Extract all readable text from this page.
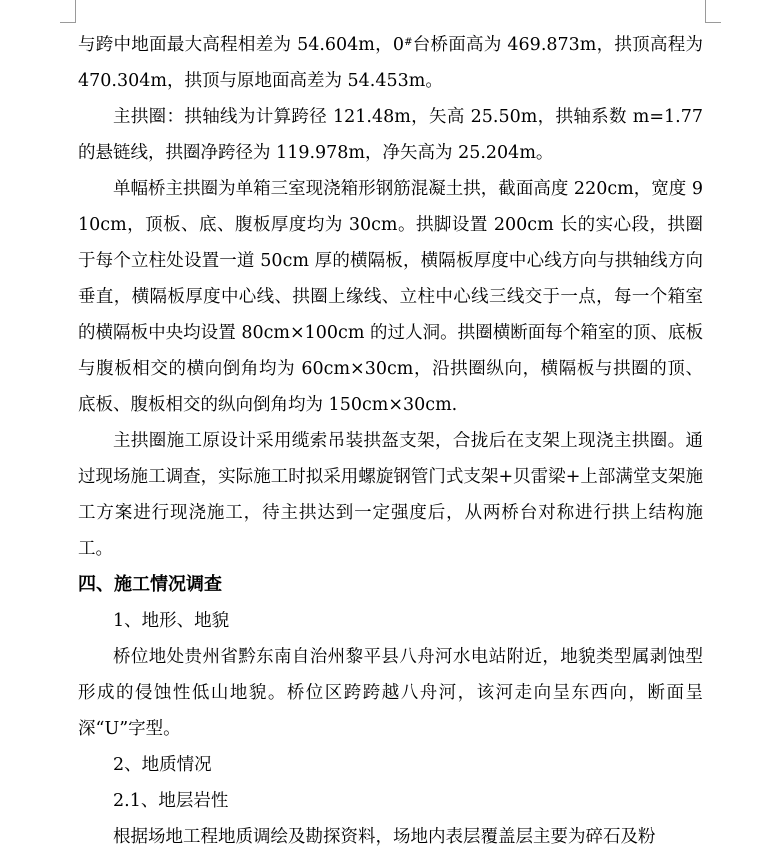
与跨中地面最大高程相差为 54.604m，0#台桥面高为 469.873m，拱顶高程为 470.304m，拱顶与原地面高差为 54.453m。

主拱圈：拱轴线为计算跨径 121.48m，矢高 25.50m，拱轴系数 m=1.77 的悬链线，拱圈净跨径为 119.978m，净矢高为 25.204m。

单幅桥主拱圈为单箱三室现浇箱形钢筋混凝土拱，截面高度 220cm，宽度 910cm，顶板、底、腹板厚度均为 30cm。拱脚设置 200cm 长的实心段，拱圈于每个立柱处设置一道 50cm 厚的横隔板，横隔板厚度中心线方向与拱轴线方向垂直，横隔板厚度中心线、拱圈上缘线、立柱中心线三线交于一点，每一个箱室的横隔板中央均设置 80cm×100cm 的过人洞。拱圈横断面每个箱室的顶、底板与腹板相交的横向倒角均为 60cm×30cm，沿拱圈纵向，横隔板与拱圈的顶、底板、腹板相交的纵向倒角均为 150cm×30cm.

主拱圈施工原设计采用缆索吊装拱盔支架，合拢后在支架上现浇主拱圈。通过现场施工调查，实际施工时拟采用螺旋钢管门式支架+贝雷梁+上部满堂支架施工方案进行现浇施工，待主拱达到一定强度后，从两桥台对称进行拱上结构施工。

四、施工情况调查

1、地形、地貌

桥位地处贵州省黔东南自治州黎平县八舟河水电站附近，地貌类型属剥蚀型形成的侵蚀性低山地貌。桥位区跨跨越八舟河，该河走向呈东西向，断面呈深“U”字型。

2、地质情况

2.1、地层岩性

根据场地工程地质调绘及勘探资料，场地内表层覆盖层主要为碎石及粉
